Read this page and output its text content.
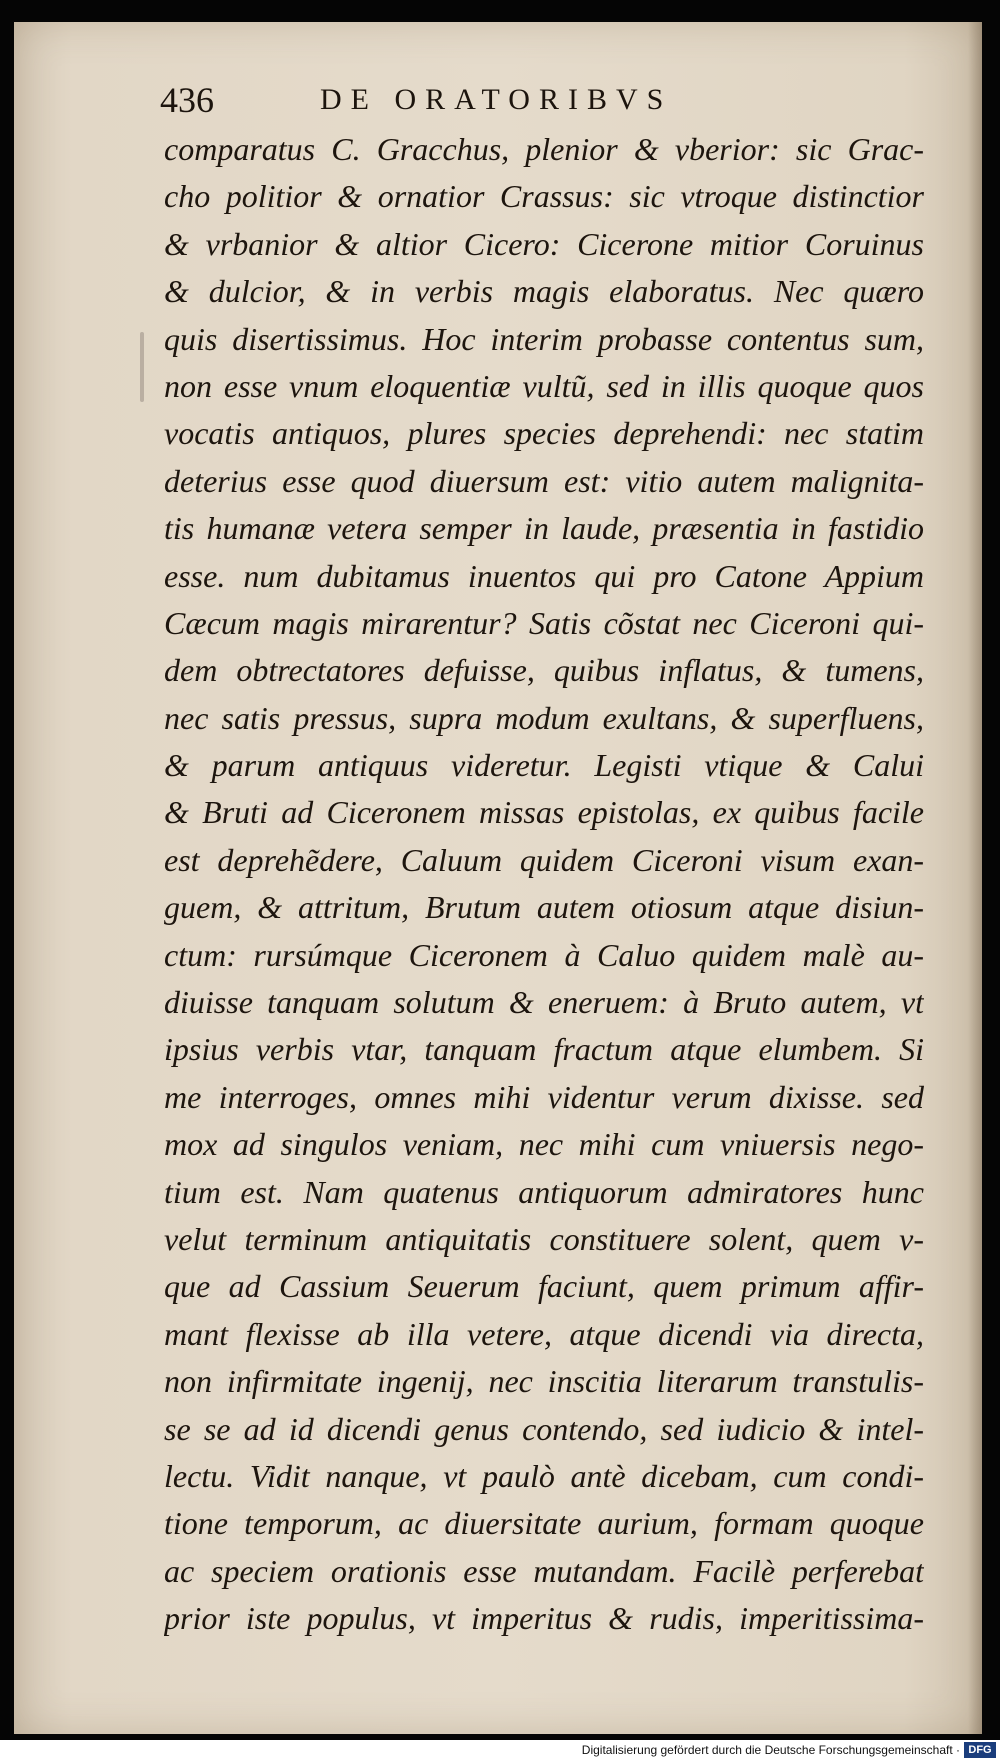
436	DE ORATORIBVS
comparatus C. Gracchus, plenior & vberior: sic Grac-
cho politior & ornatior Crassus: sic vtroque distinctior
& vrbanior & altior Cicero: Cicerone mitior Coruinus
& dulcior, & in verbis magis elaboratus. Nec quæro
quis disertissimus. Hoc interim probasse contentus sum,
non esse vnum eloquentiæ vultũ, sed in illis quoque quos
vocatis antiquos, plures species deprehendi: nec statim
deterius esse quod diuersum est: vitio autem malignita-
tis humanæ vetera semper in laude, præsentia in fastidio
esse. num dubitamus inuentos qui pro Catone Appium
Cæcum magis mirarentur? Satis cõstat nec Ciceroni qui-
dem obtrectatores defuisse, quibus inflatus, & tumens,
nec satis pressus, supra modum exultans, & superfluens,
& parum antiquus videretur. Legisti vtique & Calui
& Bruti ad Ciceronem missas epistolas, ex quibus facile
est deprehẽdere, Caluum quidem Ciceroni visum exan-
guem, & attritum, Brutum autem otiosum atque disiun-
ctum: rursúmque Ciceronem à Caluo quidem malè au-
diuisse tanquam solutum & eneruem: à Bruto autem, vt
ipsius verbis vtar, tanquam fractum atque elumbem. Si
me interroges, omnes mihi videntur verum dixisse. sed
mox ad singulos veniam, nec mihi cum vniuersis nego-
tium est. Nam quatenus antiquorum admiratores hunc
velut terminum antiquitatis constituere solent, quem v-
que ad Cassium Seuerum faciunt, quem primum affir-
mant flexisse ab illa vetere, atque dicendi via directa,
non infirmitate ingenij, nec inscitia literarum transtulis-
se se ad id dicendi genus contendo, sed iudicio & intel-
lectu. Vidit nanque, vt paulò antè dicebam, cum condi-
tione temporum, ac diuersitate aurium, formam quoque
ac speciem orationis esse mutandam. Facilè perferebat
prior iste populus, vt imperitus & rudis, imperitissima-
Digitalisierung gefördert durch die Deutsche Forschungsgemeinschaft · DFG
